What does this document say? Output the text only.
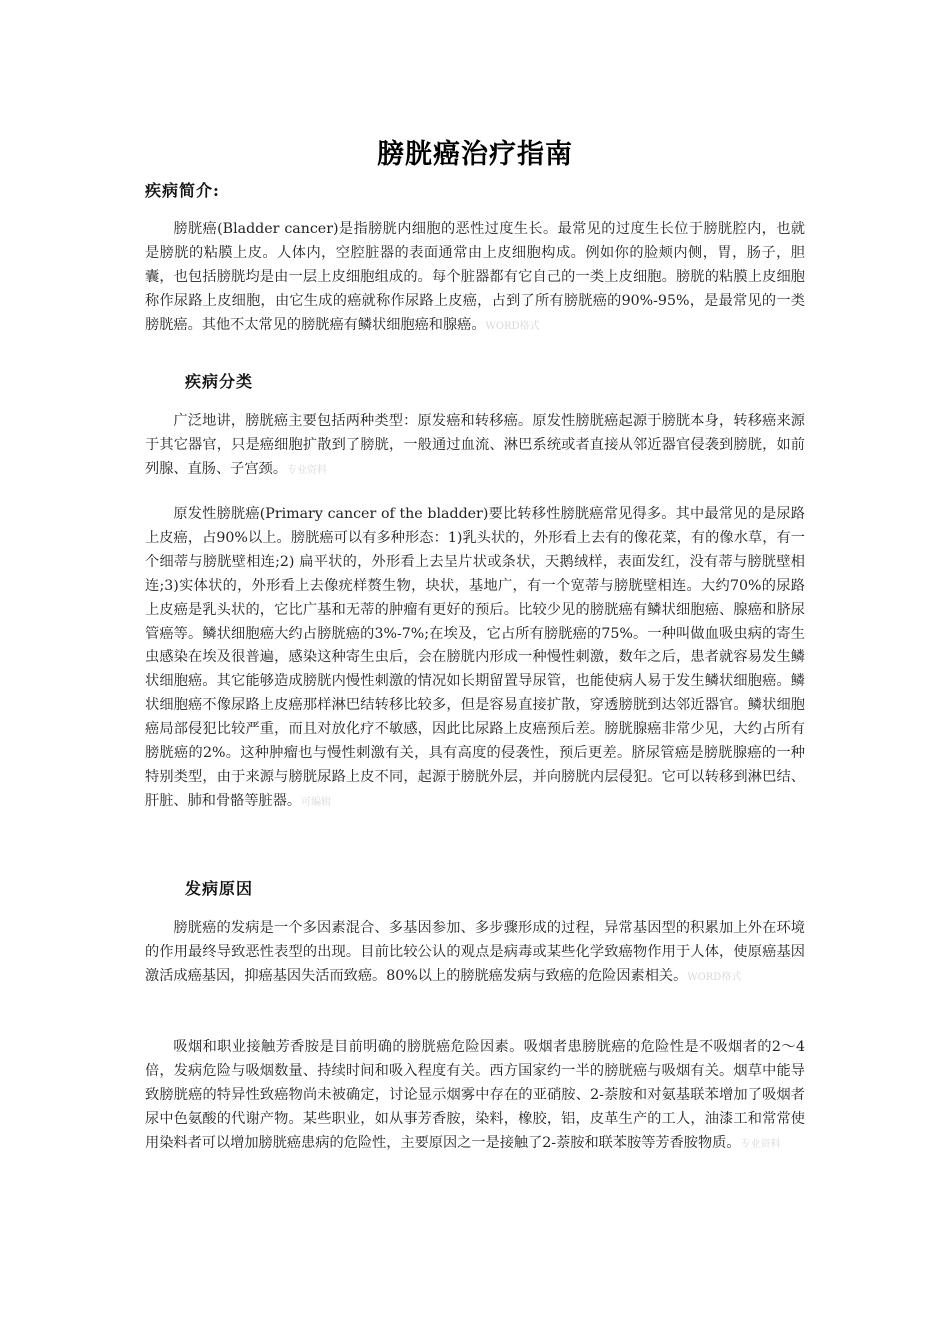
膀胱癌治疗指南
疾病简介:

膀胱癌(Bladder cancer)是指膀胱内细胞的恶性过度生长。最常见的过度生长位于膀胱腔内，也就是膀胱的粘膜上皮。人体内，空腔脏器的表面通常由上皮细胞构成。例如你的脸颊内侧，胃，肠子，胆囊，也包括膀胱均是由一层上皮细胞组成的。每个脏器都有它自己的一类上皮细胞。膀胱的粘膜上皮细胞称作尿路上皮细胞，由它生成的癌就称作尿路上皮癌，占到了所有膀胱癌的90%-95%，是最常见的一类膀胱癌。其他不太常见的膀胱癌有鳞状细胞癌和腺癌。WORD格式

疾病分类

广泛地讲，膀胱癌主要包括两种类型：原发癌和转移癌。原发性膀胱癌起源于膀胱本身，转移癌来源于其它器官，只是癌细胞扩散到了膀胱，一般通过血流、淋巴系统或者直接从邻近器官侵袭到膀胱，如前列腺、直肠、子宫颈。专业资料

原发性膀胱癌(Primary cancer of the bladder)要比转移性膀胱癌常见得多。其中最常见的是尿路上皮癌，占90%以上。膀胱癌可以有多种形态：1)乳头状的，外形看上去有的像花菜，有的像水草，有一个细蒂与膀胱壁相连;2) 扁平状的，外形看上去呈片状或条状，天鹅绒样，表面发红，没有蒂与膀胱壁相连;3)实体状的，外形看上去像疣样赘生物，块状，基地广，有一个宽蒂与膀胱壁相连。大约70%的尿路上皮癌是乳头状的，它比广基和无蒂的肿瘤有更好的预后。比较少见的膀胱癌有鳞状细胞癌、腺癌和脐尿管癌等。鳞状细胞癌大约占膀胱癌的3%-7%;在埃及，它占所有膀胱癌的75%。一种叫做血吸虫病的寄生虫感染在埃及很普遍，感染这种寄生虫后，会在膀胱内形成一种慢性刺激，数年之后，患者就容易发生鳞状细胞癌。其它能够造成膀胱内慢性刺激的情况如长期留置导尿管，也能使病人易于发生鳞状细胞癌。鳞状细胞癌不像尿路上皮癌那样淋巴结转移比较多，但是容易直接扩散，穿透膀胱到达邻近器官。鳞状细胞癌局部侵犯比较严重，而且对放化疗不敏感，因此比尿路上皮癌预后差。膀胱腺癌非常少见，大约占所有膀胱癌的2%。这种肿瘤也与慢性刺激有关，具有高度的侵袭性，预后更差。脐尿管癌是膀胱腺癌的一种特别类型，由于来源与膀胱尿路上皮不同，起源于膀胱外层，并向膀胱内层侵犯。它可以转移到淋巴结、肝脏、肺和骨骼等脏器。可编辑

发病原因

膀胱癌的发病是一个多因素混合、多基因参加、多步骤形成的过程，异常基因型的积累加上外在环境的作用最终导致恶性表型的出现。目前比较公认的观点是病毒或某些化学致癌物作用于人体，使原癌基因激活成癌基因，抑癌基因失活而致癌。80%以上的膀胱癌发病与致癌的危险因素相关。WORD格式

吸烟和职业接触芳香胺是目前明确的膀胱癌危险因素。吸烟者患膀胱癌的危险性是不吸烟者的2～4倍，发病危险与吸烟数量、持续时间和吸入程度有关。西方国家约一半的膀胱癌与吸烟有关。烟草中能导致膀胱癌的特异性致癌物尚未被确定，讨论显示烟雾中存在的亚硝胺、2-萘胺和对氨基联苯增加了吸烟者尿中色氨酸的代谢产物。某些职业，如从事芳香胺，染料，橡胶，铝，皮革生产的工人，油漆工和常常使用染料者可以增加膀胱癌患病的危险性，主要原因之一是接触了2-萘胺和联苯胺等芳香胺物质。专业资料
